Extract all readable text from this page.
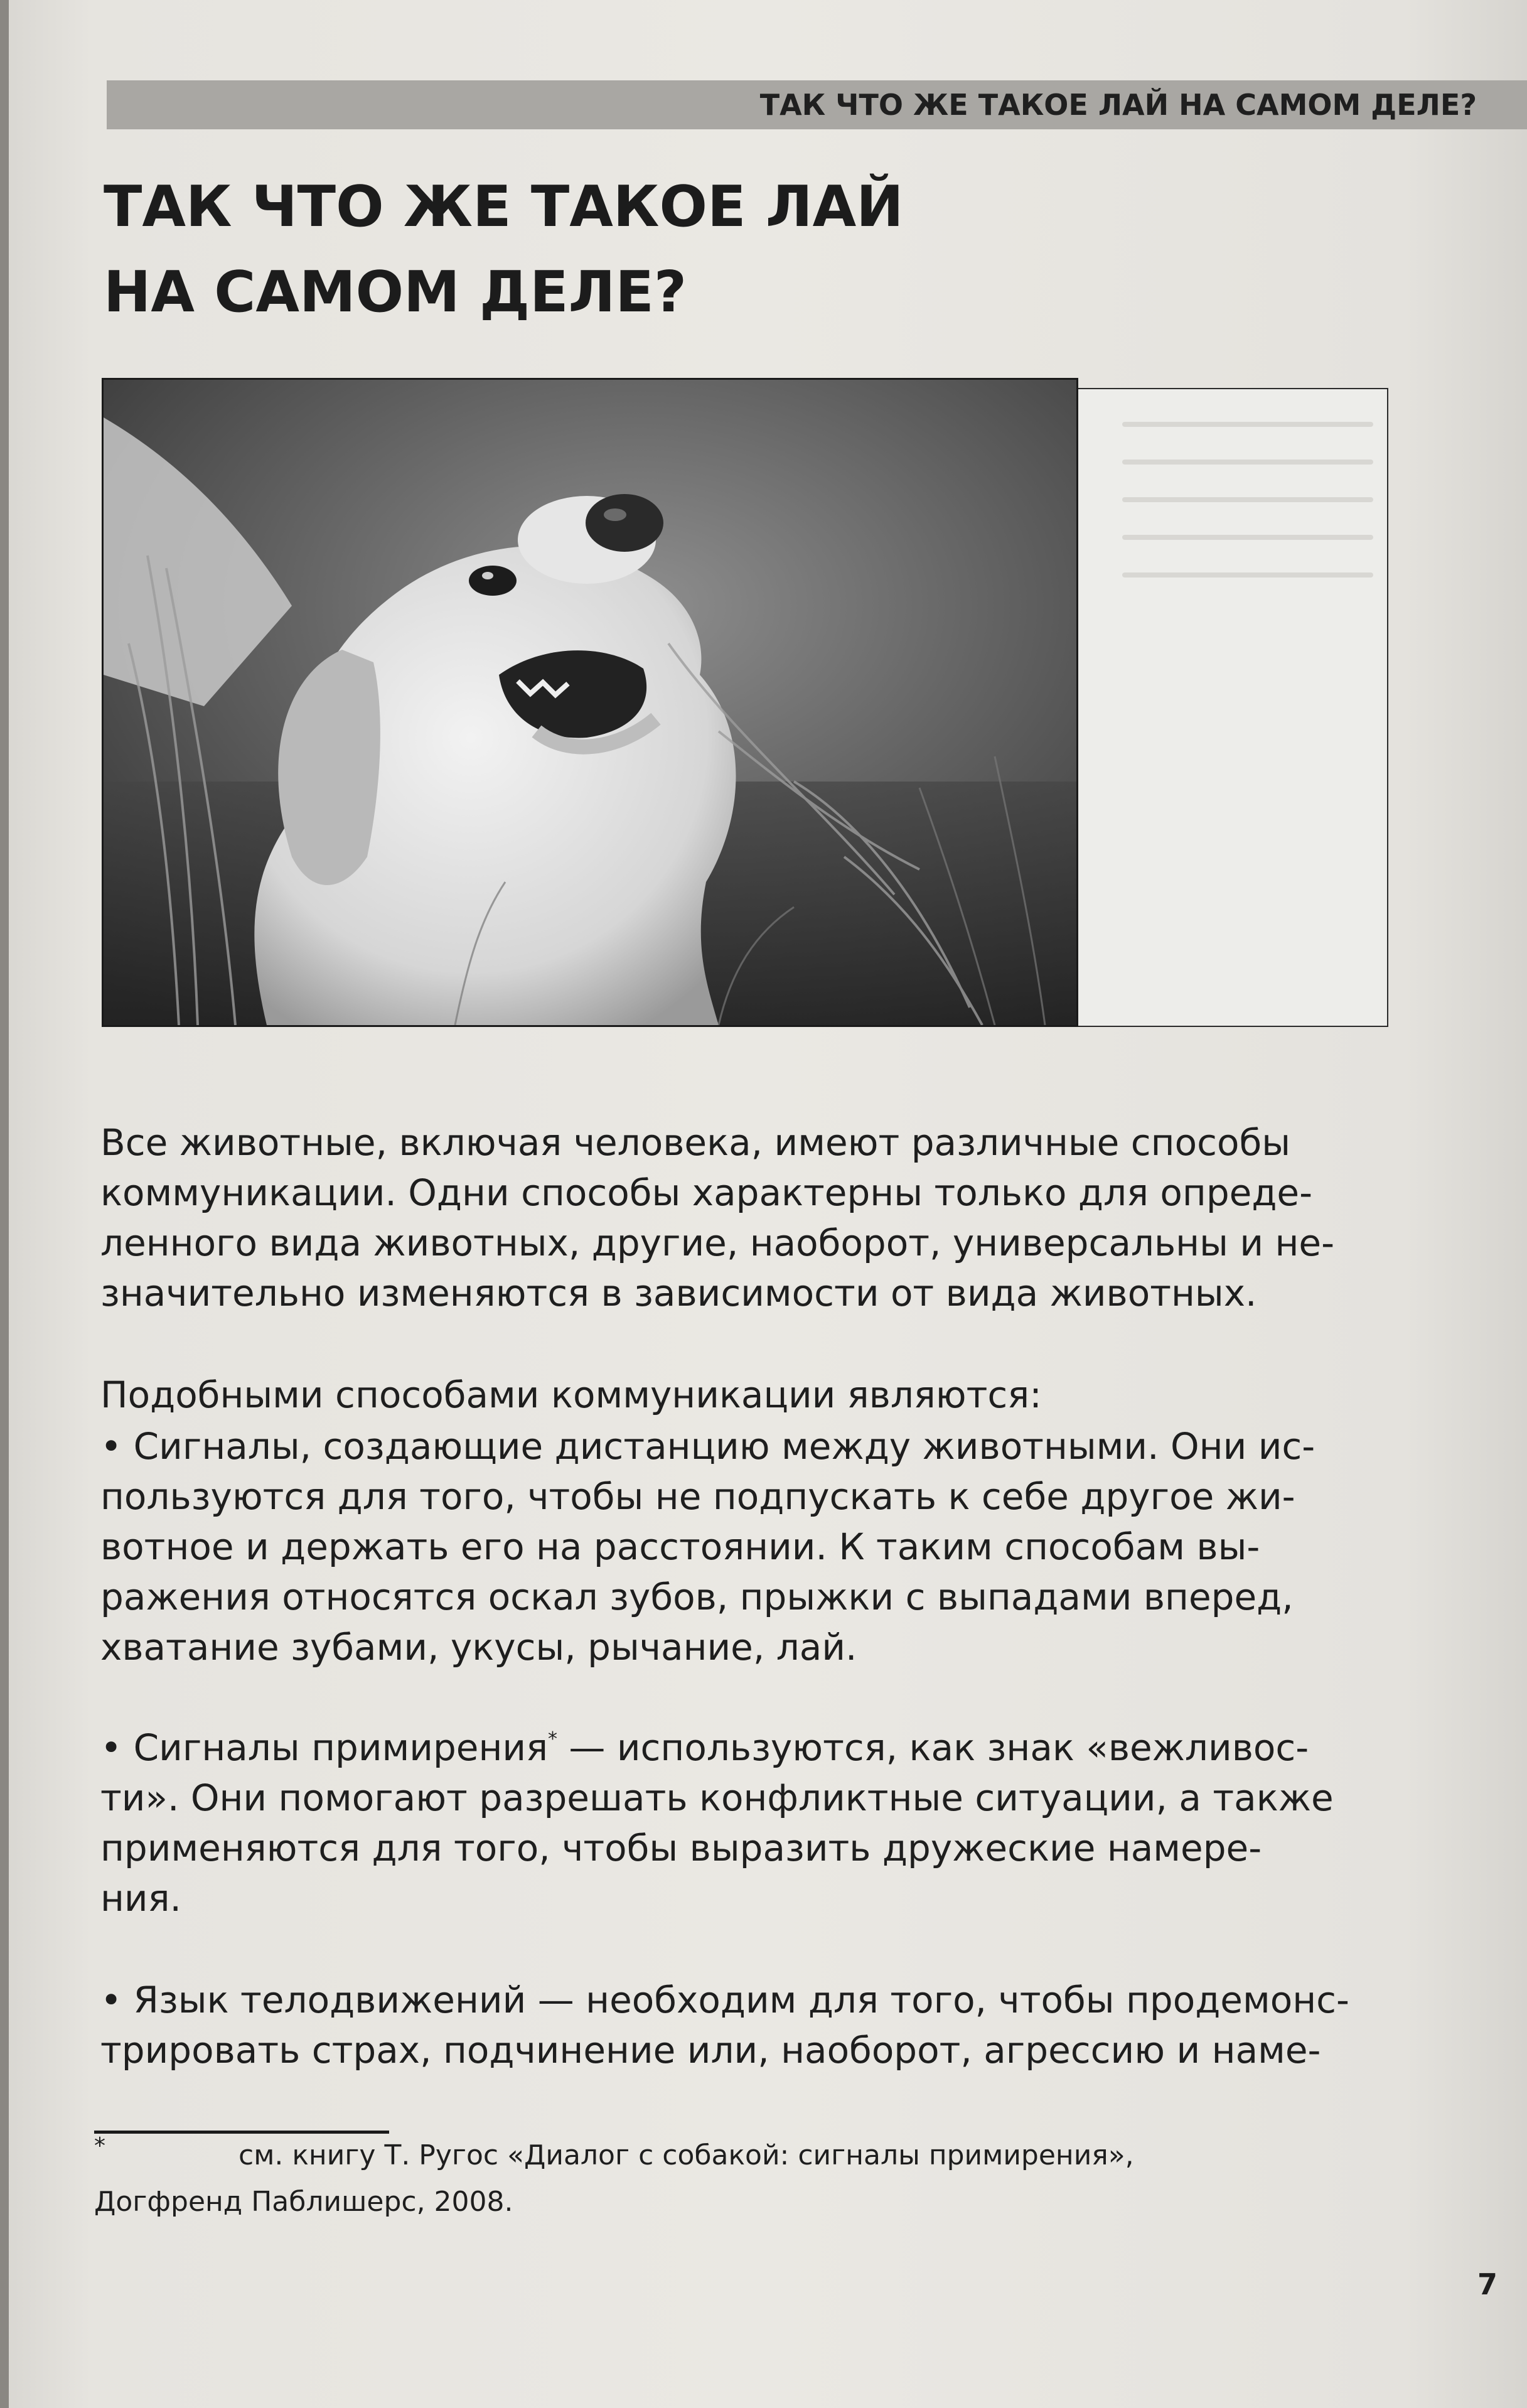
ТАК ЧТО ЖЕ ТАКОЕ ЛАЙ НА САМОМ ДЕЛЕ?
ТАК ЧТО ЖЕ ТАКОЕ ЛАЙ
НА САМОМ ДЕЛЕ?

Все животные, включая человека, имеют различные способы
коммуникации. Одни способы характерны только для опреде-
ленного вида животных, другие, наоборот, универсальны и не-
значительно изменяются в зависимости от вида животных.

Подобными способами коммуникации являются:

• Сигналы, создающие дистанцию между животными. Они ис-
пользуются для того, чтобы не подпускать к себе другое жи-
вотное и держать его на расстоянии. К таким способам вы-
ражения относятся оскал зубов, прыжки с выпадами вперед,
хватание зубами, укусы, рычание, лай.

• Сигналы примирения* — используются, как знак «вежливос-
ти». Они помогают разрешать конфликтные ситуации, а также
применяются для того, чтобы выразить дружеские намере-
ния.

• Язык телодвижений — необходим для того, чтобы продемонс-
трировать страх, подчинение или, наоборот, агрессию и наме-

*	см. книгу Т. Ругос «Диалог с собакой: сигналы примирения»,
Догфренд Паблишерс, 2008.

7
